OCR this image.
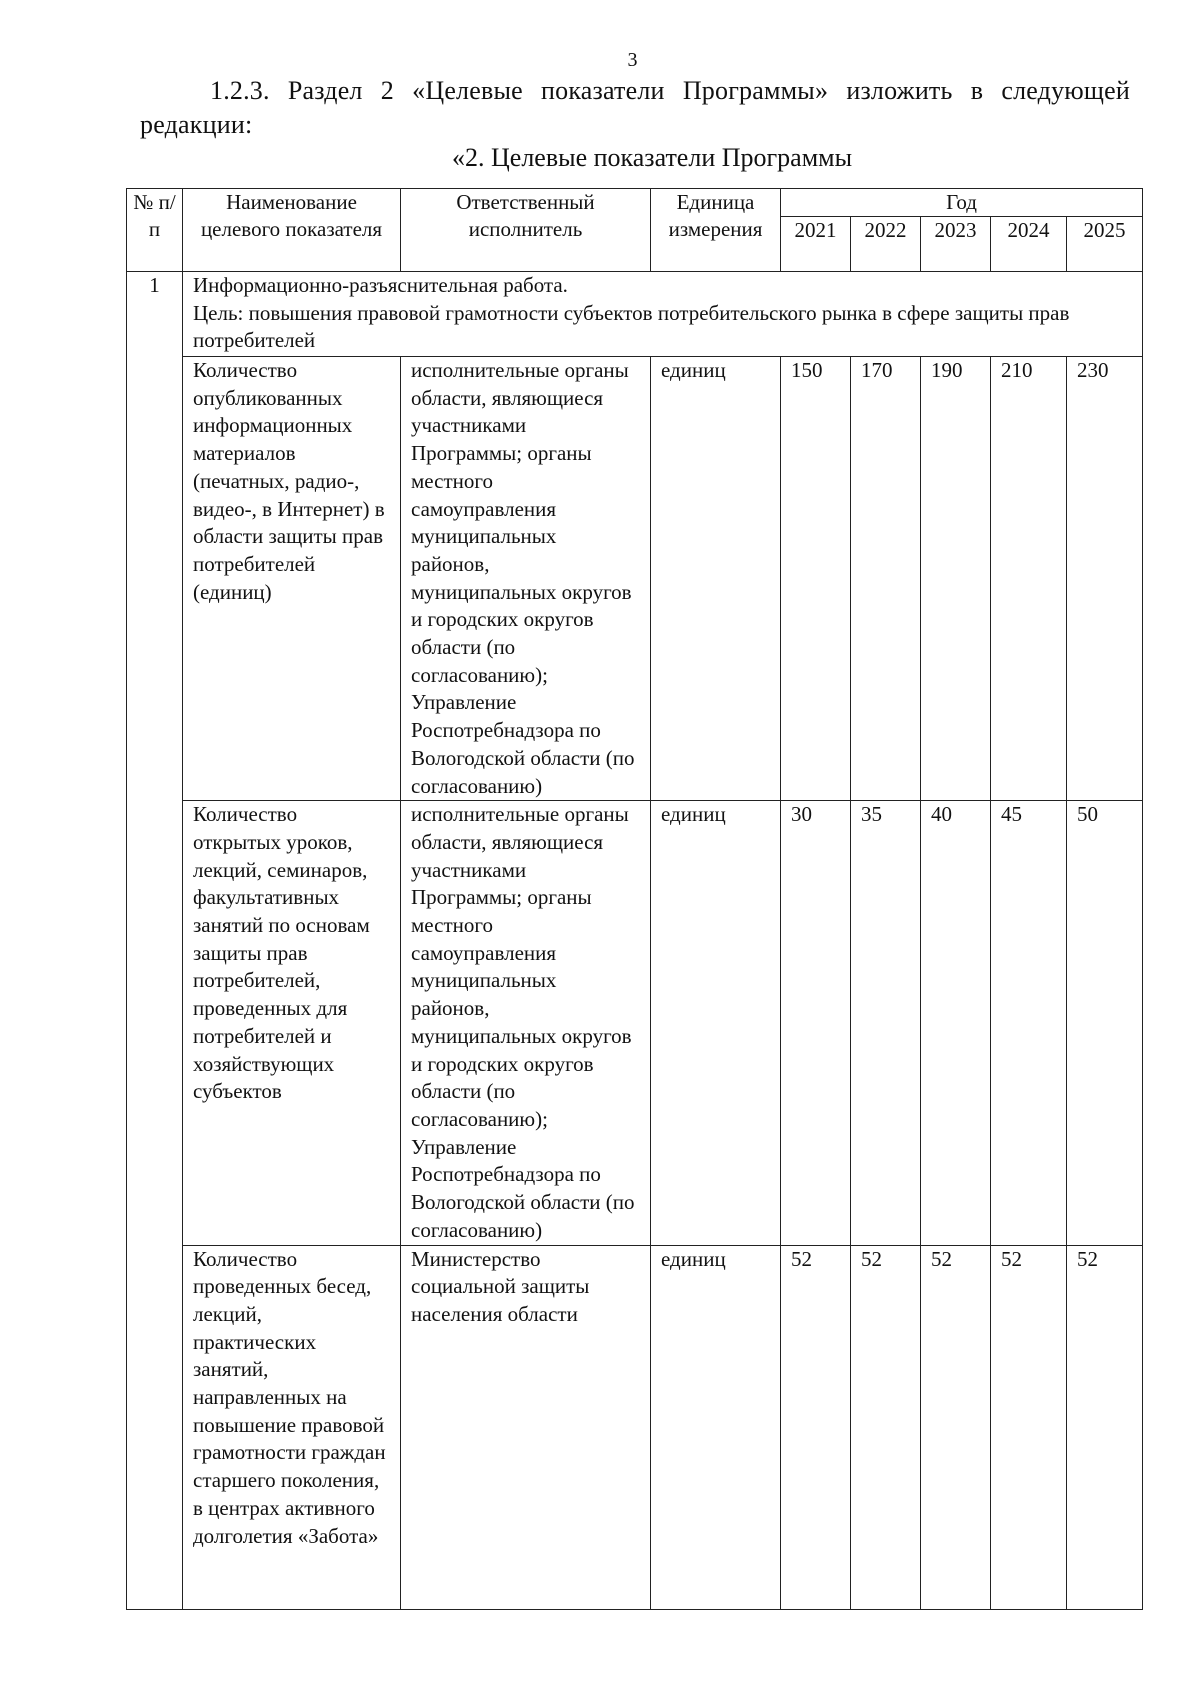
3
1.2.3. Раздел 2 «Целевые показатели Программы» изложить в следующей редакции:
«2. Целевые показатели Программы
№ п/п	Наименование целевого показателя	Ответственный исполнитель	Единица измерения	Год				
				2021	2022	2023	2024	2025
1	Информационно-разъяснительная работа.
Цель: повышения правовой грамотности субъектов потребительского рынка в сфере защиты прав потребителей							

	Количество опубликованных информационных материалов (печатных, радио-, видео-, в Интернет) в области защиты прав потребителей (единиц)	исполнительные органы области, являющиеся участниками Программы; органы местного самоуправления муниципальных районов, муниципальных округов и городских округов области (по согласованию); Управление Роспотребнадзора по Вологодской области (по согласованию)	единиц	150	170	190	210	230
	Количество открытых уроков, лекций, семинаров, факультативных занятий по основам защиты прав потребителей, проведенных для потребителей и хозяйствующих субъектов	исполнительные органы области, являющиеся участниками Программы; органы местного самоуправления муниципальных районов, муниципальных округов и городских округов области (по согласованию); Управление Роспотребнадзора по Вологодской области (по согласованию)	единиц	30	35	40	45	50
	Количество проведенных бесед, лекций, практических занятий, направленных на повышение правовой грамотности граждан старшего поколения, в центрах активного долголетия «Забота»	Министерство социальной защиты населения области	единиц	52	52	52	52	52
